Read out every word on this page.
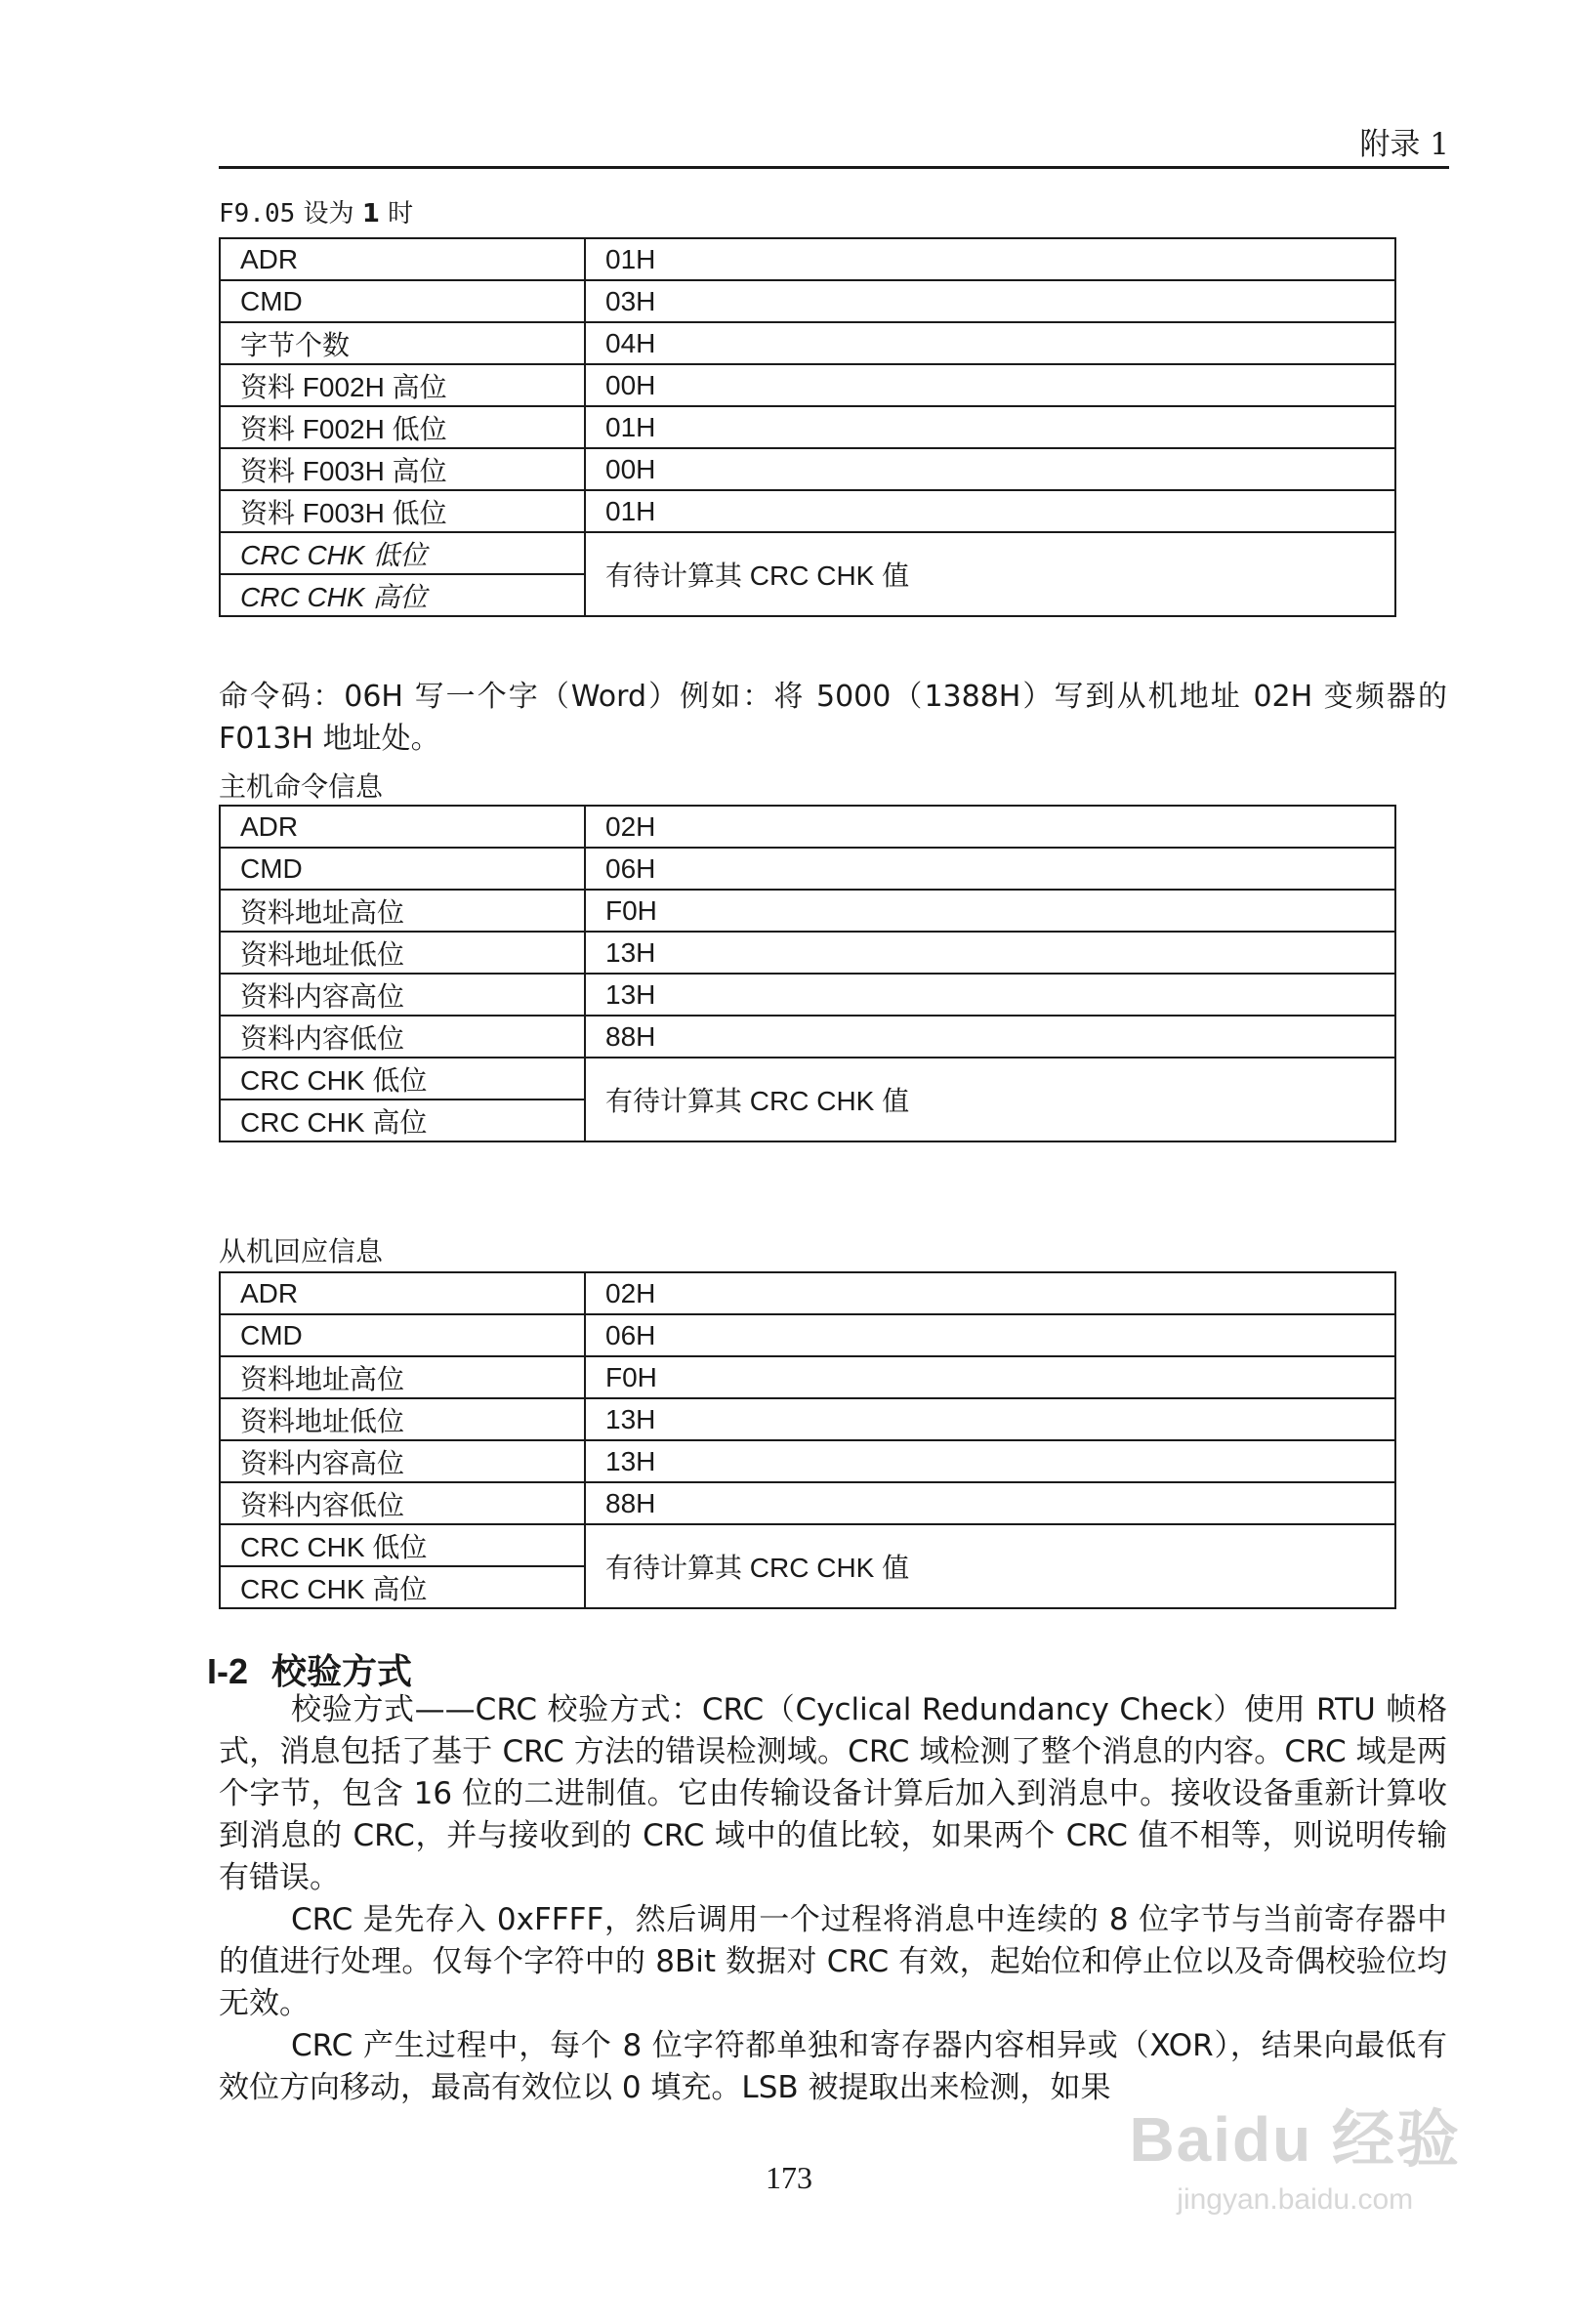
附录 1
F9.05 设为 1 时
ADR	01H
CMD	03H
字节个数	04H
资料 F002H 高位	00H
资料 F002H 低位	01H
资料 F003H 高位	00H
资料 F003H 低位	01H
CRC CHK 低位	有待计算其 CRC CHK 值
CRC CHK 高位	
命令码：06H 写一个字（Word）例如：将 5000（1388H）写到从机地址 02H 变频器的 F013H 地址处。
主机命令信息
ADR	02H
CMD	06H
资料地址高位	F0H
资料地址低位	13H
资料内容高位	13H
资料内容低位	88H
CRC CHK 低位	有待计算其 CRC CHK 值
CRC CHK 高位	
从机回应信息
ADR	02H
CMD	06H
资料地址高位	F0H
资料地址低位	13H
资料内容高位	13H
资料内容低位	88H
CRC CHK 低位	有待计算其 CRC CHK 值
CRC CHK 高位	
I-2 校验方式

校验方式——CRC 校验方式：CRC（Cyclical Redundancy Check）使用 RTU 帧格式，消息包括了基于 CRC 方法的错误检测域。CRC 域检测了整个消息的内容。CRC 域是两个字节，包含 16 位的二进制值。它由传输设备计算后加入到消息中。接收设备重新计算收到消息的 CRC，并与接收到的 CRC 域中的值比较，如果两个 CRC 值不相等，则说明传输有错误。

CRC 是先存入 0xFFFF，然后调用一个过程将消息中连续的 8 位字节与当前寄存器中的值进行处理。仅每个字符中的 8Bit 数据对 CRC 有效，起始位和停止位以及奇偶校验位均无效。

CRC 产生过程中，每个 8 位字符都单独和寄存器内容相异或（XOR），结果向最低有效位方向移动，最高有效位以 0 填充。LSB 被提取出来检测，如果

173
Baidu 经验
jingyan.baidu.com
